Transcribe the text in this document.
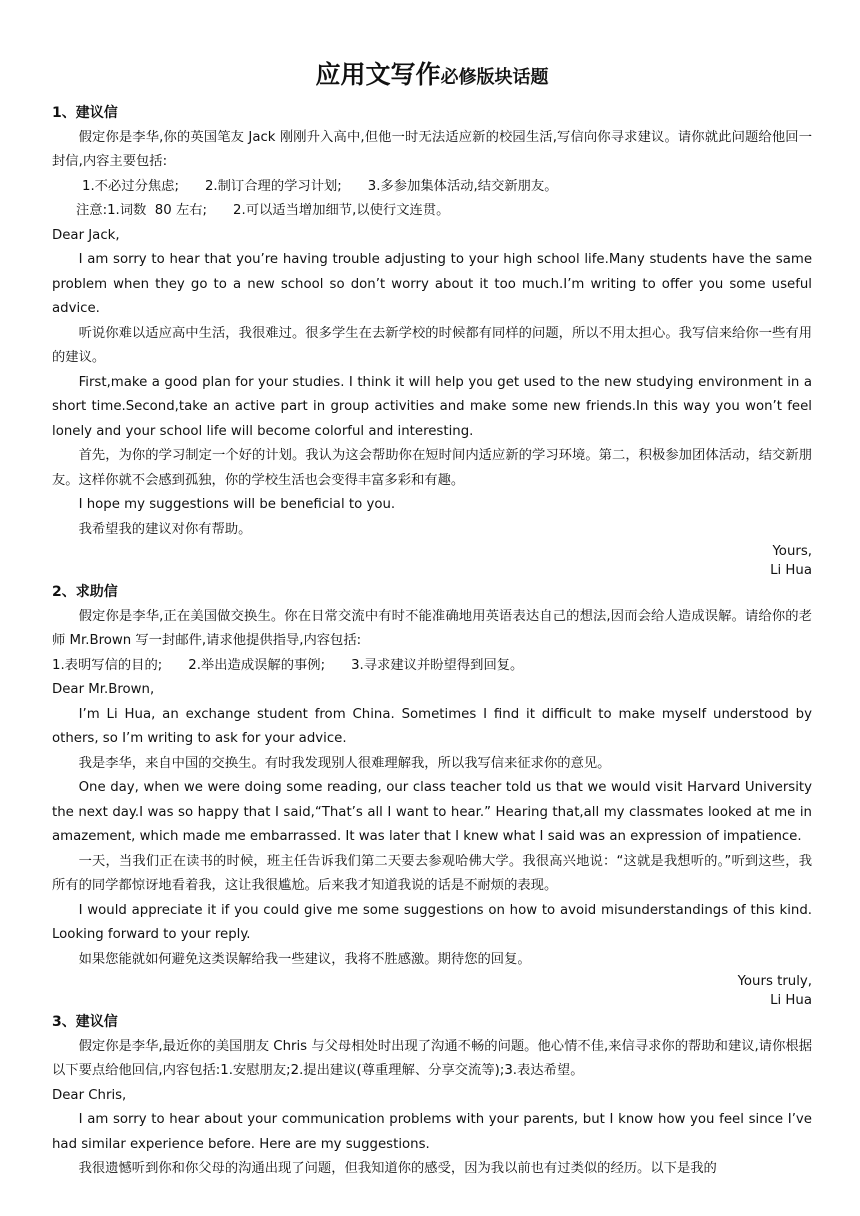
应用文写作必修版块话题
1、建议信
假定你是李华,你的英国笔友 Jack 刚刚升入高中,但他一时无法适应新的校园生活,写信向你寻求建议。请你就此问题给他回一封信,内容主要包括:
1.不必过分焦虑; 2.制订合理的学习计划; 3.多参加集体活动,结交新朋友。
注意:1.词数  80 左右; 2.可以适当增加细节,以使行文连贯。
Dear Jack,
I am sorry to hear that you’re having trouble adjusting to your high school life.Many students have the same problem when they go to a new school so don’t worry about it too much.I’m writing to offer you some useful advice.
听说你难以适应高中生活，我很难过。很多学生在去新学校的时候都有同样的问题，所以不用太担心。我写信来给你一些有用的建议。
First,make a good plan for your studies. I think it will help you get used to the new studying environment in a short time.Second,take an active part in group activities and make some new friends.In this way you won’t feel lonely and your school life will become colorful and interesting.
首先，为你的学习制定一个好的计划。我认为这会帮助你在短时间内适应新的学习环境。第二，积极参加团体活动，结交新朋友。这样你就不会感到孤独，你的学校生活也会变得丰富多彩和有趣。
I hope my suggestions will be beneficial to you.
我希望我的建议对你有帮助。
Yours,
Li Hua
2、求助信
假定你是李华,正在美国做交换生。你在日常交流中有时不能准确地用英语表达自己的想法,因而会给人造成误解。请给你的老师 Mr.Brown 写一封邮件,请求他提供指导,内容包括:
1.表明写信的目的; 2.举出造成误解的事例; 3.寻求建议并盼望得到回复。
Dear Mr.Brown,
I’m Li Hua, an exchange student from China. Sometimes I find it difficult to make myself understood by others, so I’m writing to ask for your advice.
我是李华，来自中国的交换生。有时我发现别人很难理解我，所以我写信来征求你的意见。
One day, when we were doing some reading, our class teacher told us that we would visit Harvard University the next day.I was so happy that I said,“That’s all I want to hear.” Hearing that,all my classmates looked at me in amazement, which made me embarrassed. It was later that I knew what I said was an expression of impatience.
一天，当我们正在读书的时候，班主任告诉我们第二天要去参观哈佛大学。我很高兴地说：“这就是我想听的。”听到这些，我所有的同学都惊讶地看着我，这让我很尴尬。后来我才知道我说的话是不耐烦的表现。
I would appreciate it if you could give me some suggestions on how to avoid misunderstandings of this kind. Looking forward to your reply.
如果您能就如何避免这类误解给我一些建议，我将不胜感激。期待您的回复。
Yours truly,
Li Hua
3、建议信
假定你是李华,最近你的美国朋友 Chris 与父母相处时出现了沟通不畅的问题。他心情不佳,来信寻求你的帮助和建议,请你根据以下要点给他回信,内容包括:1.安慰朋友;2.提出建议(尊重理解、分享交流等);3.表达希望。
Dear Chris,
I am sorry to hear about your communication problems with your parents, but I know how you feel since I’ve had similar experience before. Here are my suggestions.
我很遗憾听到你和你父母的沟通出现了问题，但我知道你的感受，因为我以前也有过类似的经历。以下是我的
